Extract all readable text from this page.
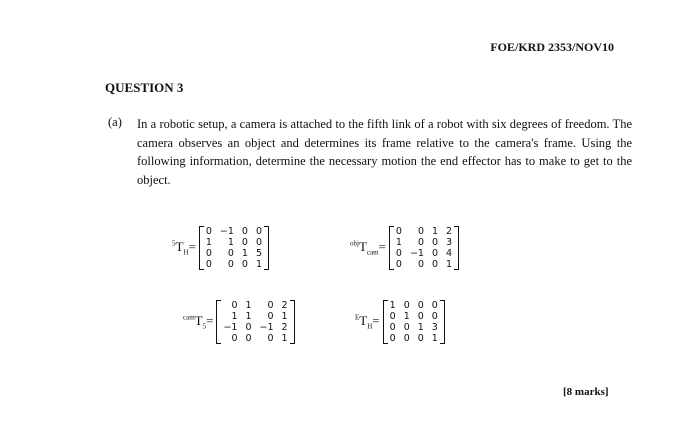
FOE/KRD 2353/NOV10
QUESTION 3
(a) In a robotic setup, a camera is attached to the fifth link of a robot with six degrees of freedom. The camera observes an object and determines its frame relative to the camera's frame. Using the following information, determine the necessary motion the end effector has to make to get to the object.
$^5T_H=$
0	−1	0	0
1	1	0	0
0	0	1	5
0	0	0	1
$^{obj}T_{cam}=$
0	0	1	2
1	0	0	3
0	−1	0	4
0	0	0	1
$^{cam}T_5=$
0	1	0	2
1	1	0	1
−1	0	−1	2
0	0	0	1
$^ET_H=$
1	0	0	0
0	1	0	0
0	0	1	3
0	0	0	1
[8 marks]
